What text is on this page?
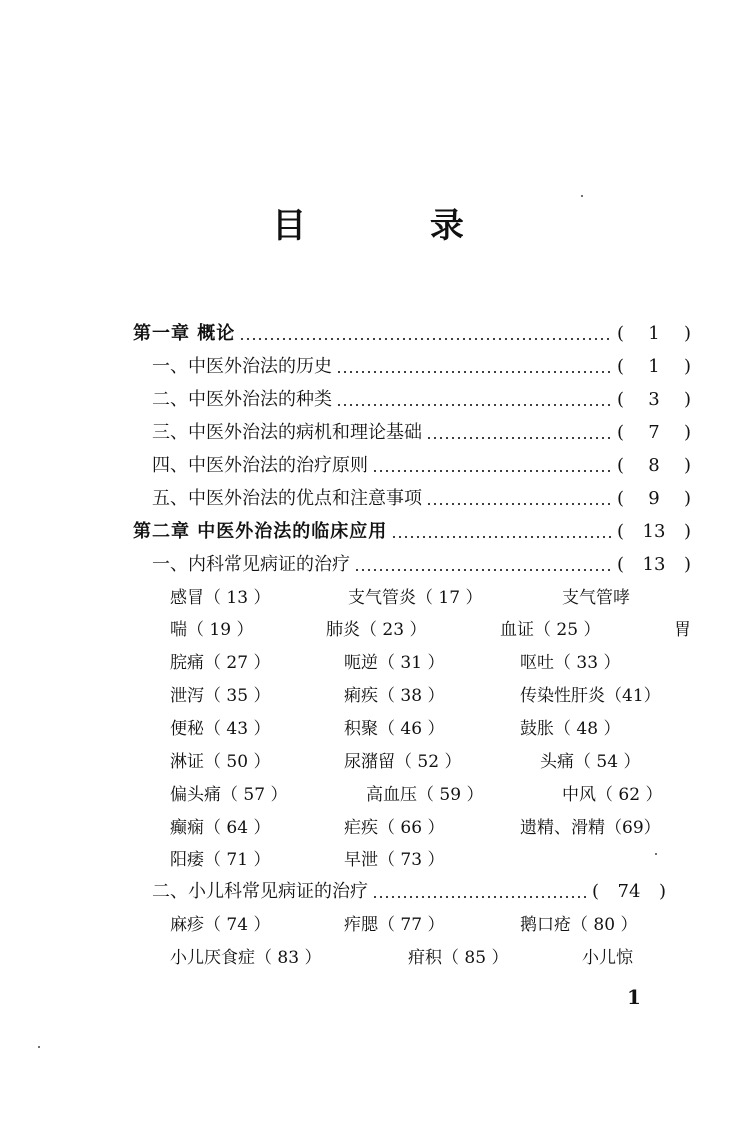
目 录
第一章 概论	( 1 )
一、中医外治法的历史	( 1 )
二、中医外治法的种类	( 3 )
三、中医外治法的病机和理论基础	( 7 )
四、中医外治法的治疗原则	( 8 )
五、中医外治法的优点和注意事项	( 9 )
第二章 中医外治法的临床应用	( 13 )
一、内科常见病证的治疗	( 13 )
感冒（ 13 ）	支气管炎（ 17 ）	支气管哮
喘（ 19 ）	肺炎（ 23 ）	血证（ 25 ）	胃
脘痛（ 27 ）	呃逆（ 31 ）	呕吐（ 33 ）
泄泻（ 35 ）	痢疾（ 38 ）	传染性肝炎（41）
便秘（ 43 ）	积聚（ 46 ）	鼓胀（ 48 ）
淋证（ 50 ）	尿潴留（ 52 ）	头痛（ 54 ）
偏头痛（ 57 ）	高血压（ 59 ）	中风（ 62 ）
癫痫（ 64 ）	疟疾（ 66 ）	遗精、滑精（69）
阳痿（ 71 ）	早泄（ 73 ）
二、小儿科常见病证的治疗	( 74 )
麻疹（ 74 ）	痄腮（ 77 ）	鹅口疮（ 80 ）
小儿厌食症（ 83 ）	疳积（ 85 ）	小儿惊
1
